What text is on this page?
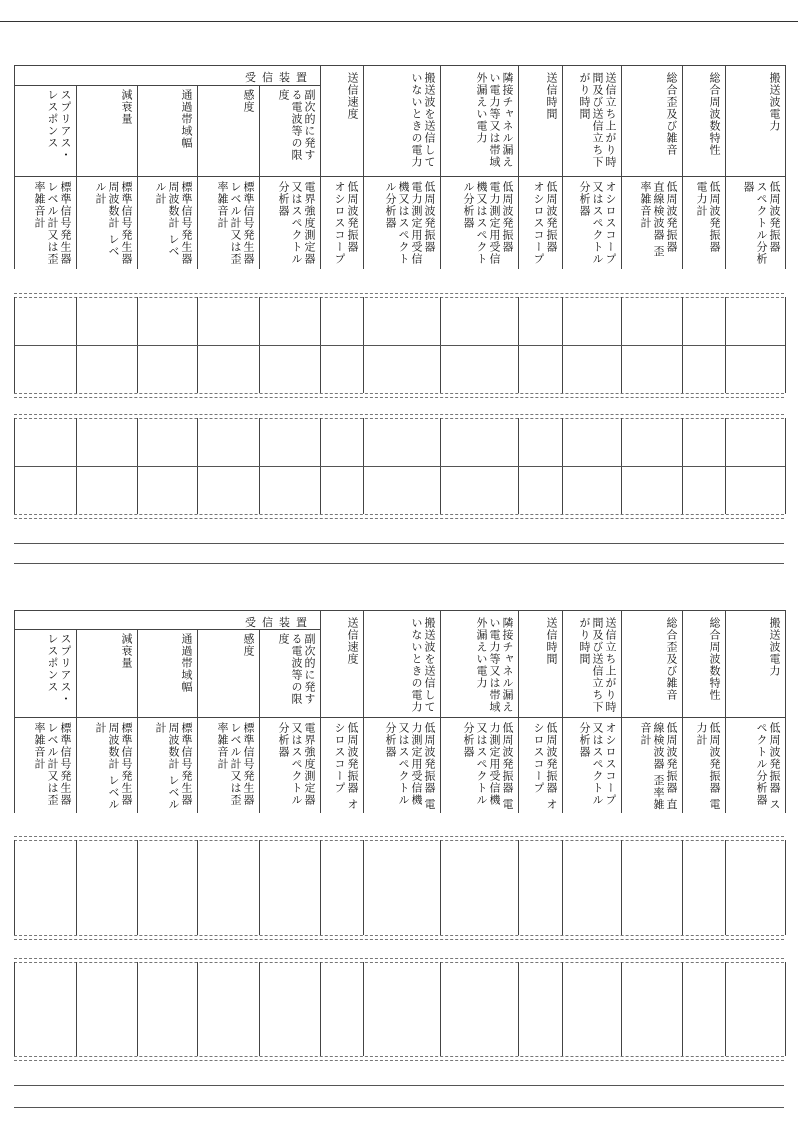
受信装置	搬送波電力
低周波発振器 スペクトル分析器
総合周波数特性
低周波発振器 電力計
総合歪及び雑音
低周波発振器 直線検波器 歪率雑音計
送信立ち上がり時間及び送信立ち下がり時間
オシロスコープ又はスペクトル分析器
送信時間
低周波発振器 オシロスコープ
隣接チャネル漏えい電力等又は帯域外漏えい電力
低周波発振器 電力測定用受信機又はスペクトル分析器
搬送波を送信していないときの電力
低周波発振器 電力測定用受信機又はスペクトル分析器
送信速度
低周波発振器 オシロスコープ
副次的に発する電波等の限度
電界強度測定器又はスペクトル分析器
感度
標準信号発生器 レベル計又は歪率雑音計
通過帯域幅
標準信号発生器 周波数計 レベル計
減衰量
標準信号発生器 周波数計 レベル計
スプリアス・レスポンス
標準信号発生器 レベル計又は歪率雑音計
受信装置	搬送波電力
低周波発振器 スペクトル分析器
総合周波数特性
低周波発振器 電力計
総合歪及び雑音
低周波発振器 直線検波器 歪率雑音計
送信立ち上がり時間及び送信立ち下がり時間
オシロスコープ又はスペクトル分析器
送信時間
低周波発振器 オシロスコープ
隣接チャネル漏えい電力等又は帯域外漏えい電力
低周波発振器 電力測定用受信機又はスペクトル分析器
搬送波を送信していないときの電力
低周波発振器 電力測定用受信機又はスペクトル分析器
送信速度
低周波発振器 オシロスコープ
副次的に発する電波等の限度
電界強度測定器又はスペクトル分析器
感度
標準信号発生器 レベル計又は歪率雑音計
通過帯域幅
標準信号発生器 周波数計 レベル計
減衰量
標準信号発生器 周波数計 レベル計
スプリアス・レスポンス
標準信号発生器 レベル計又は歪率雑音計
